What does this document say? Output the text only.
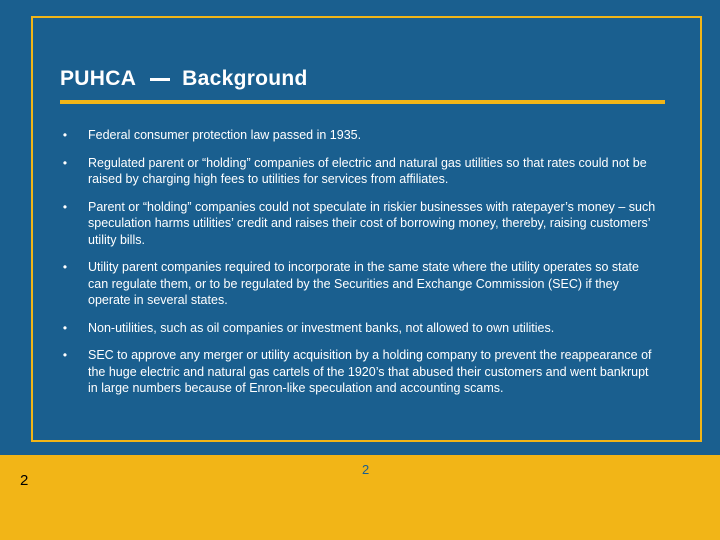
PUHCA Background
• Federal consumer protection law passed in 1935.
• Regulated parent or “holding” companies of electric and natural gas utilities so that rates could not be raised by charging high fees to utilities for services from affiliates.
• Parent or “holding” companies could not speculate in riskier businesses with ratepayer’s money – such speculation harms utilities’ credit and raises their cost of borrowing money, thereby, raising customers’ utility bills.
• Utility parent companies required to incorporate in the same state where the utility operates so state can regulate them, or to be regulated by the Securities and Exchange Commission (SEC) if they operate in several states.
• Non-utilities, such as oil companies or investment banks, not allowed to own utilities.
• SEC to approve any merger or utility acquisition by a holding company to prevent the reappearance of the huge electric and natural gas cartels of the 1920’s that abused their customers and went bankrupt in large numbers because of Enron-like speculation and accounting scams.
2
2
